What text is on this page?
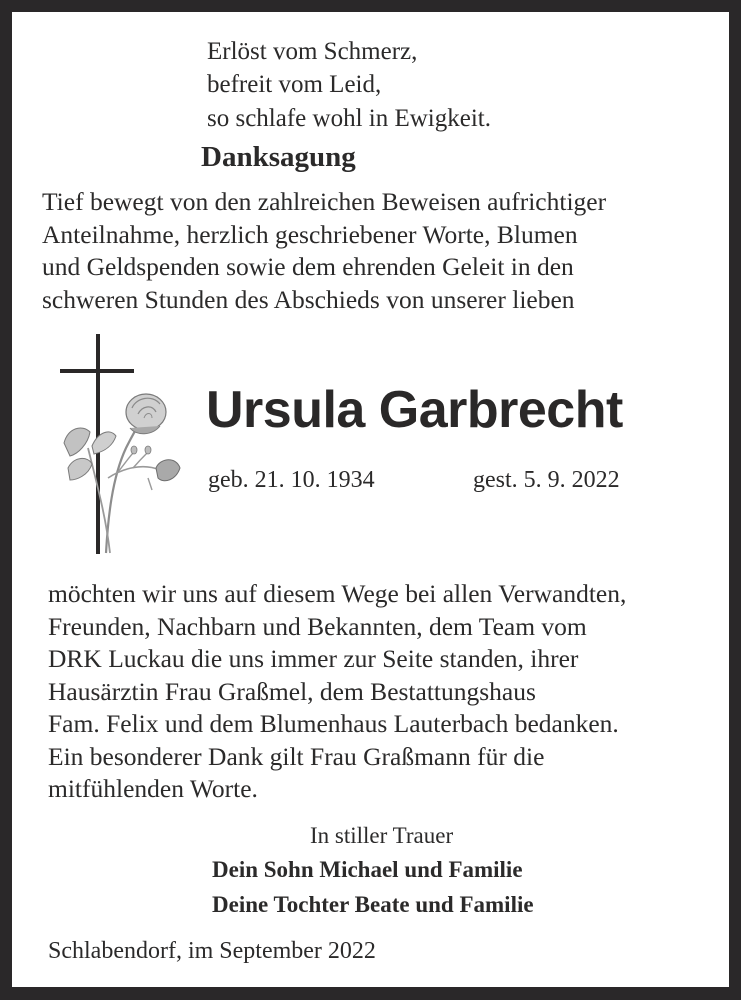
Erlöst vom Schmerz,
befreit vom Leid,
so schlafe wohl in Ewigkeit.
Danksagung
Tief bewegt von den zahlreichen Beweisen aufrichtiger
Anteilnahme, herzlich geschriebener Worte, Blumen
und Geldspenden sowie dem ehrenden Geleit in den
schweren Stunden des Abschieds von unserer lieben
Ursula Garbrecht
geb. 21. 10. 1934	gest. 5. 9. 2022
möchten wir uns auf diesem Wege bei allen Verwandten,
Freunden, Nachbarn und Bekannten, dem Team vom
DRK Luckau die uns immer zur Seite standen, ihrer
Hausärztin Frau Graßmel, dem Bestattungshaus
Fam. Felix und dem Blumenhaus Lauterbach bedanken.
Ein besonderer Dank gilt Frau Graßmann für die
mitfühlenden Worte.
In stiller Trauer
Dein Sohn Michael und Familie
Deine Tochter Beate und Familie
Schlabendorf, im September 2022
